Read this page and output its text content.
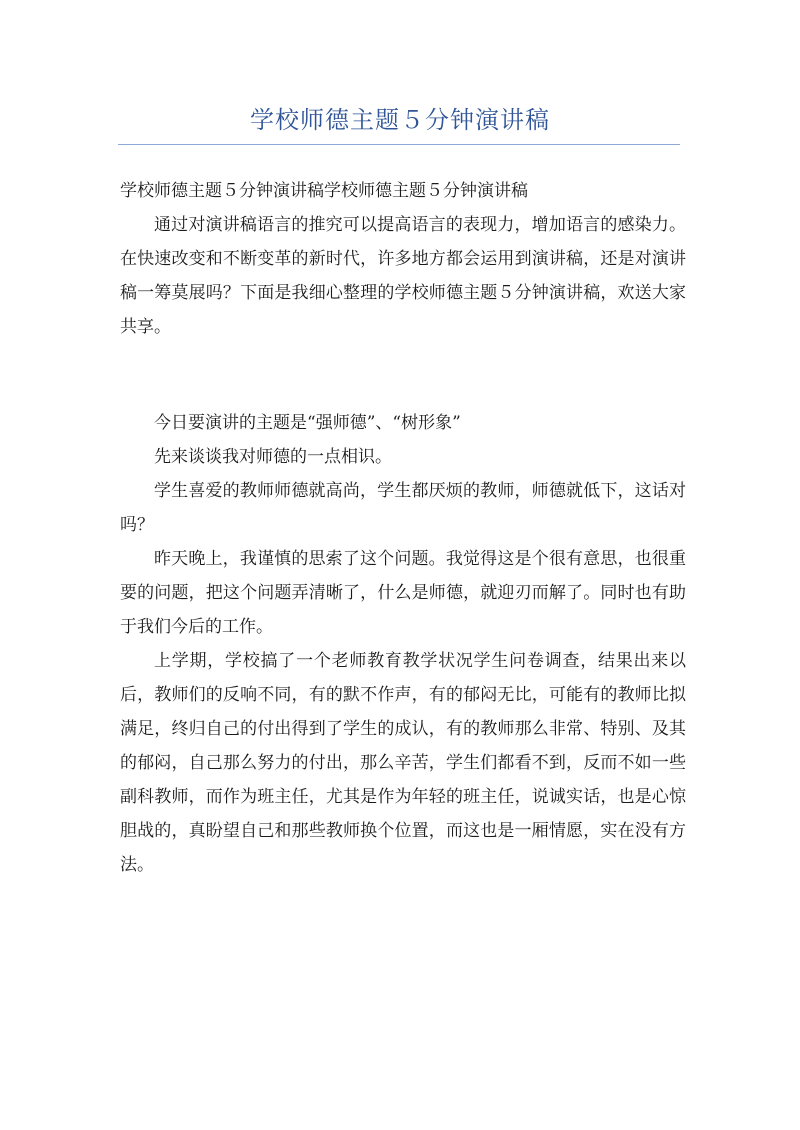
学校师德主题５分钟演讲稿

学校师德主题５分钟演讲稿学校师德主题５分钟演讲稿

通过对演讲稿语言的推究可以提高语言的表现力，增加语言的感染力。在快速改变和不断变革的新时代，许多地方都会运用到演讲稿，还是对演讲稿一筹莫展吗？下面是我细心整理的学校师德主题５分钟演讲稿，欢送大家共享。

今日要演讲的主题是“强师德”、“树形象”

先来谈谈我对师德的一点相识。

学生喜爱的教师师德就高尚，学生都厌烦的教师，师德就低下，这话对吗？

昨天晚上，我谨慎的思索了这个问题。我觉得这是个很有意思，也很重要的问题，把这个问题弄清晰了，什么是师德，就迎刃而解了。同时也有助于我们今后的工作。

上学期，学校搞了一个老师教育教学状况学生问卷调查，结果出来以后，教师们的反响不同，有的默不作声，有的郁闷无比，可能有的教师比拟满足，终归自己的付出得到了学生的成认，有的教师那么非常、特别、及其的郁闷，自己那么努力的付出，那么辛苦，学生们都看不到，反而不如一些副科教师，而作为班主任，尤其是作为年轻的班主任，说诚实话，也是心惊胆战的，真盼望自己和那些教师换个位置，而这也是一厢情愿，实在没有方法。
